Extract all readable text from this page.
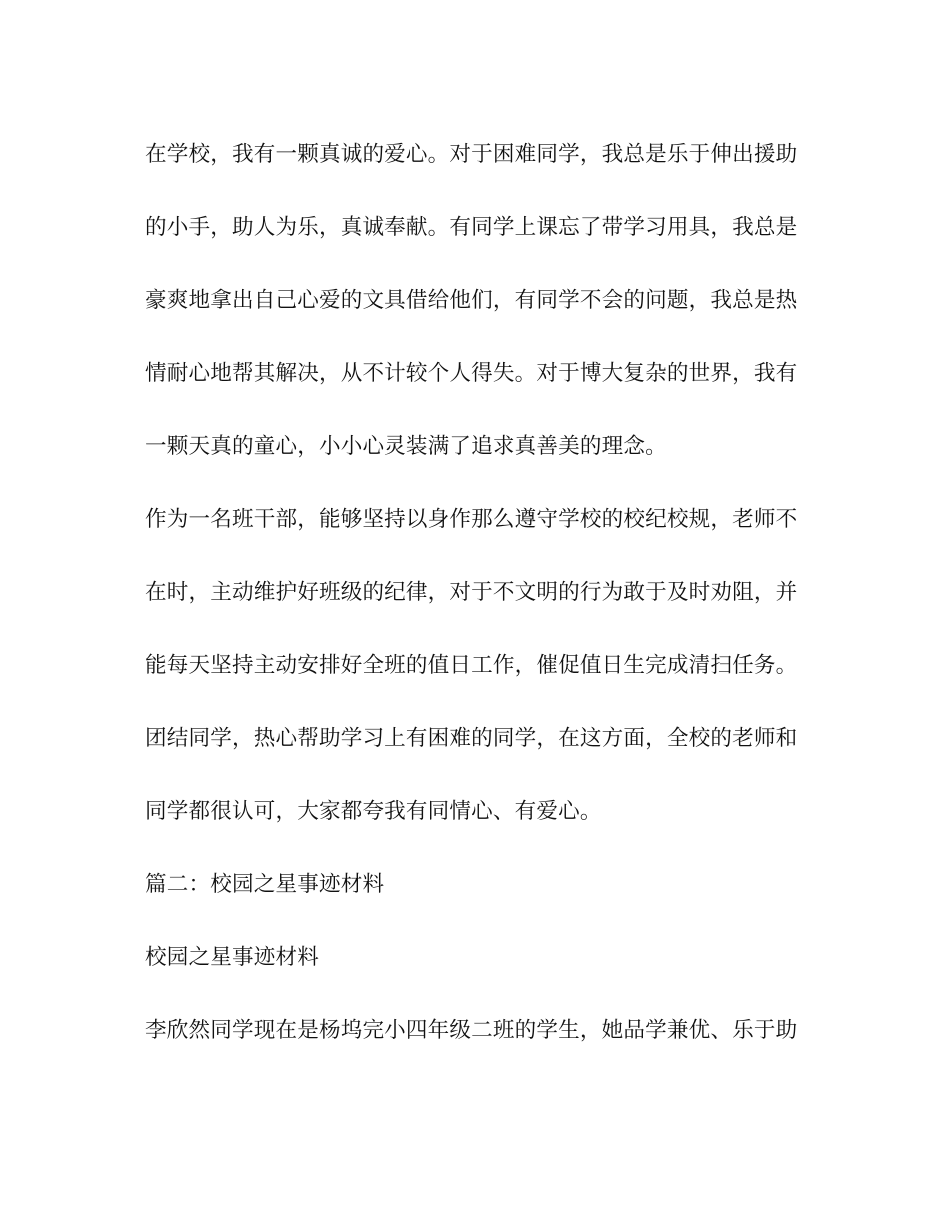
在学校，我有一颗真诚的爱心。对于困难同学，我总是乐于伸出援助
的小手，助人为乐，真诚奉献。有同学上课忘了带学习用具，我总是
豪爽地拿出自己心爱的文具借给他们，有同学不会的问题，我总是热
情耐心地帮其解决，从不计较个人得失。对于博大复杂的世界，我有
一颗天真的童心，小小心灵装满了追求真善美的理念。
作为一名班干部，能够坚持以身作那么遵守学校的校纪校规，老师不
在时，主动维护好班级的纪律，对于不文明的行为敢于及时劝阻，并
能每天坚持主动安排好全班的值日工作，催促值日生完成清扫任务。
团结同学，热心帮助学习上有困难的同学，在这方面，全校的老师和
同学都很认可，大家都夸我有同情心、有爱心。
篇二：校园之星事迹材料
校园之星事迹材料
李欣然同学现在是杨坞完小四年级二班的学生，她品学兼优、乐于助
